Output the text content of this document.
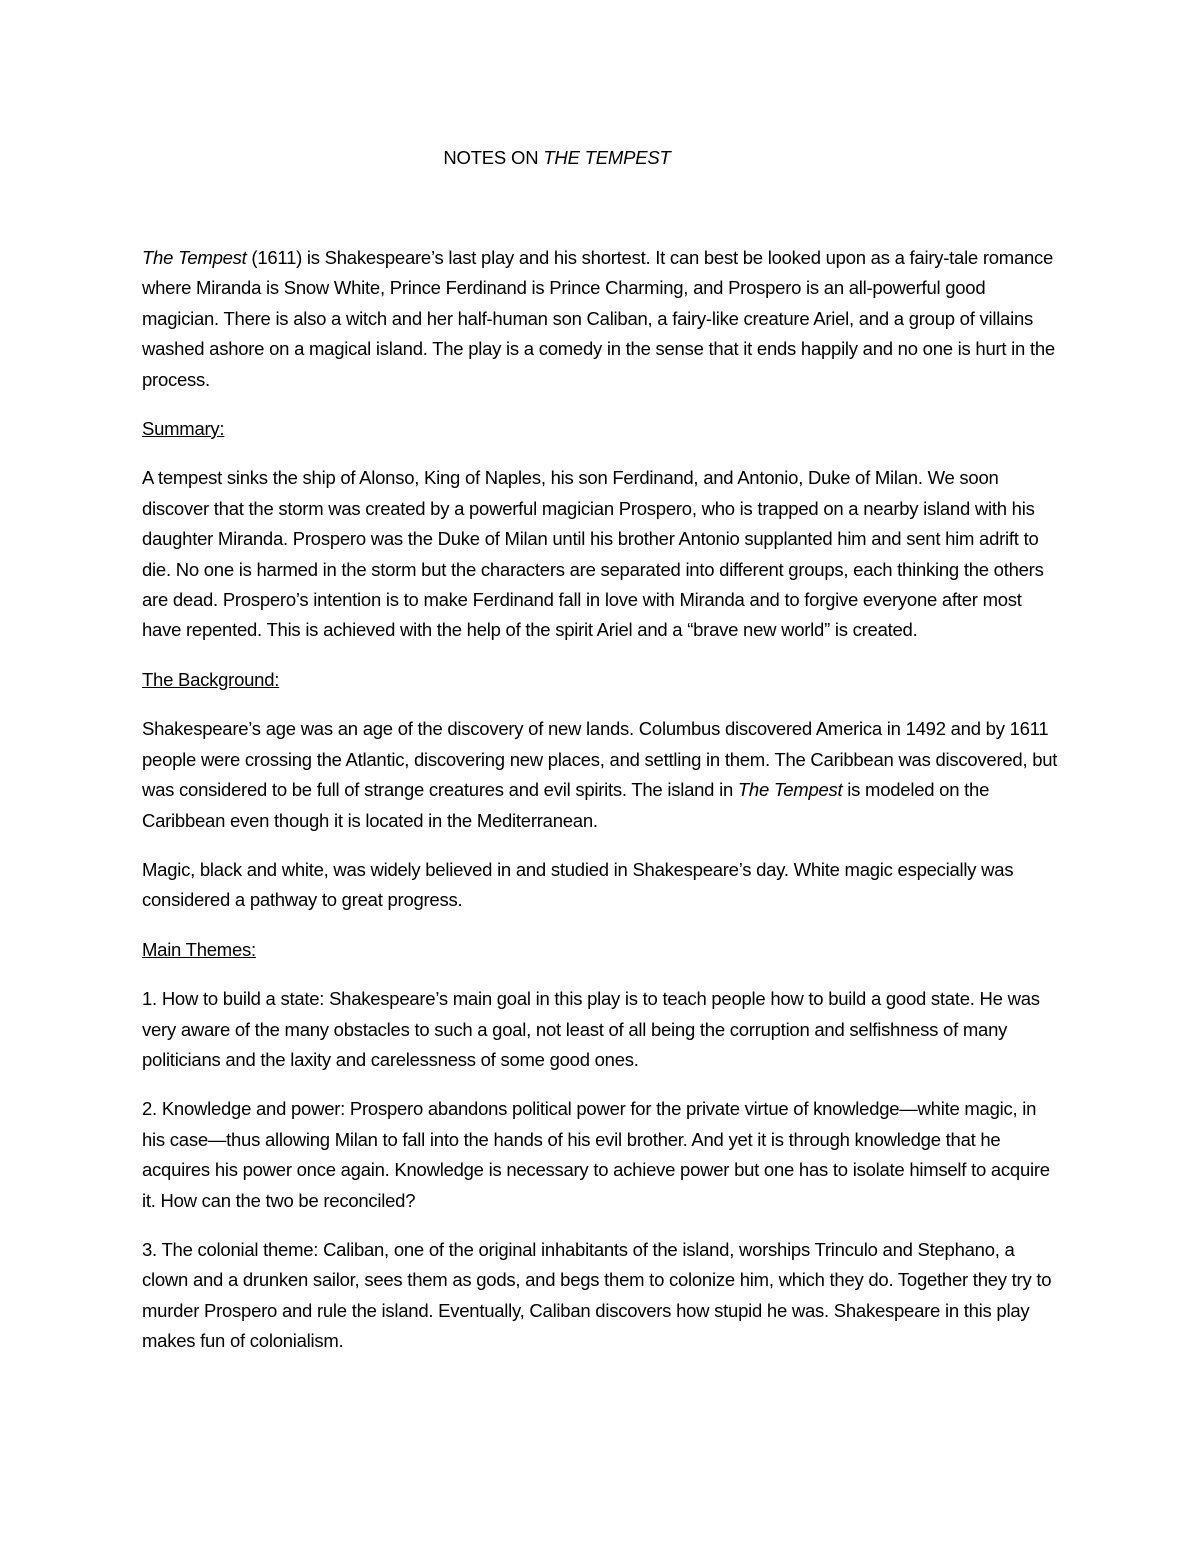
NOTES ON THE TEMPEST

The Tempest (1611) is Shakespeare’s last play and his shortest. It can best be looked upon as a fairy-tale romance where Miranda is Snow White, Prince Ferdinand is Prince Charming, and Prospero is an all-powerful good magician. There is also a witch and her half-human son Caliban, a fairy-like creature Ariel, and a group of villains washed ashore on a magical island. The play is a comedy in the sense that it ends happily and no one is hurt in the process.

Summary:

A tempest sinks the ship of Alonso, King of Naples, his son Ferdinand, and Antonio, Duke of Milan. We soon discover that the storm was created by a powerful magician Prospero, who is trapped on a nearby island with his daughter Miranda. Prospero was the Duke of Milan until his brother Antonio supplanted him and sent him adrift to die. No one is harmed in the storm but the characters are separated into different groups, each thinking the others are dead. Prospero’s intention is to make Ferdinand fall in love with Miranda and to forgive everyone after most have repented. This is achieved with the help of the spirit Ariel and a “brave new world” is created.

The Background:

Shakespeare’s age was an age of the discovery of new lands. Columbus discovered America in 1492 and by 1611 people were crossing the Atlantic, discovering new places, and settling in them. The Caribbean was discovered, but was considered to be full of strange creatures and evil spirits. The island in The Tempest is modeled on the Caribbean even though it is located in the Mediterranean.

Magic, black and white, was widely believed in and studied in Shakespeare’s day. White magic especially was considered a pathway to great progress.

Main Themes:

1. How to build a state: Shakespeare’s main goal in this play is to teach people how to build a good state. He was very aware of the many obstacles to such a goal, not least of all being the corruption and selfishness of many politicians and the laxity and carelessness of some good ones.

2. Knowledge and power: Prospero abandons political power for the private virtue of knowledge—white magic, in his case—thus allowing Milan to fall into the hands of his evil brother. And yet it is through knowledge that he acquires his power once again. Knowledge is necessary to achieve power but one has to isolate himself to acquire it. How can the two be reconciled?

3. The colonial theme: Caliban, one of the original inhabitants of the island, worships Trinculo and Stephano, a clown and a drunken sailor, sees them as gods, and begs them to colonize him, which they do. Together they try to murder Prospero and rule the island. Eventually, Caliban discovers how stupid he was. Shakespeare in this play makes fun of colonialism.
